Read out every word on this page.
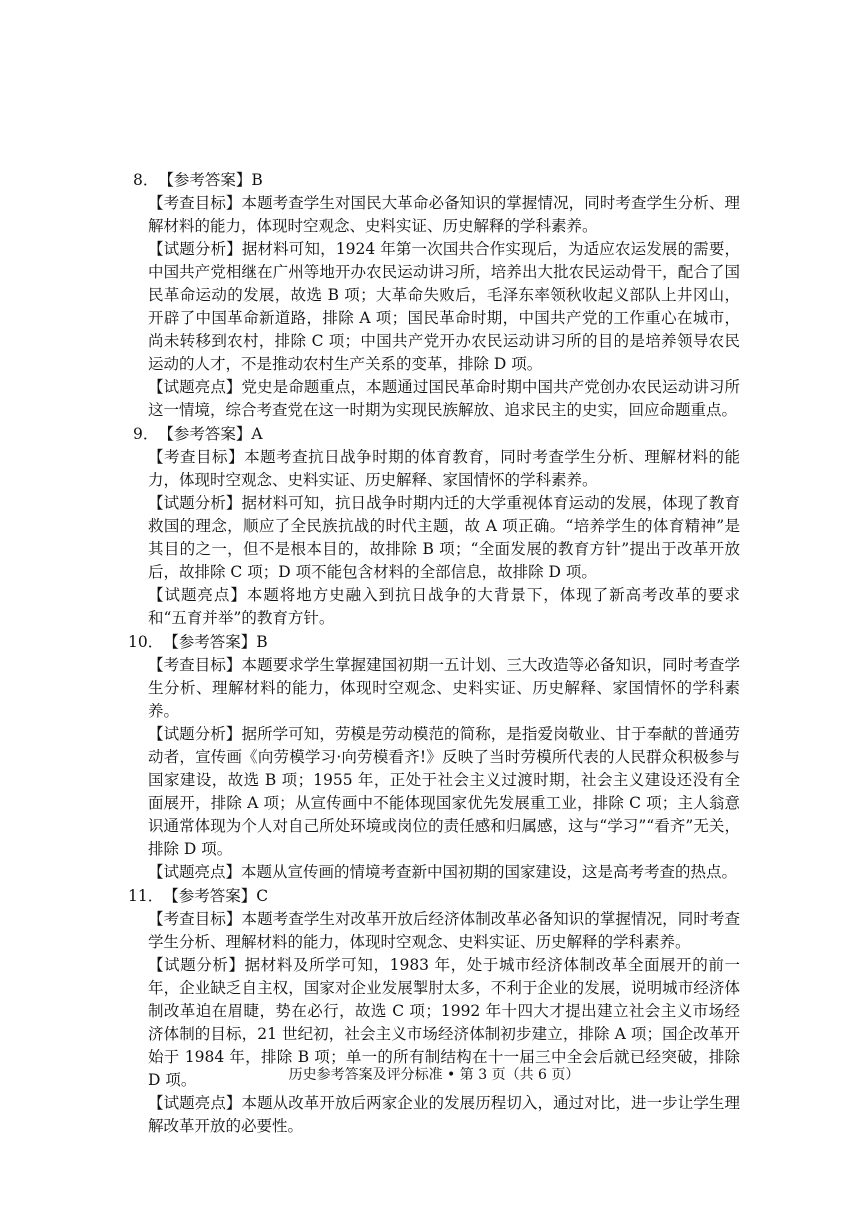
8．【参考答案】B
【考查目标】本题考查学生对国民大革命必备知识的掌握情况，同时考查学生分析、理解材料的能力，体现时空观念、史料实证、历史解释的学科素养。
【试题分析】据材料可知，1924 年第一次国共合作实现后，为适应农运发展的需要，中国共产党相继在广州等地开办农民运动讲习所，培养出大批农民运动骨干，配合了国民革命运动的发展，故选 B 项；大革命失败后，毛泽东率领秋收起义部队上井冈山，开辟了中国革命新道路，排除 A 项；国民革命时期，中国共产党的工作重心在城市，尚未转移到农村，排除 C 项；中国共产党开办农民运动讲习所的目的是培养领导农民运动的人才，不是推动农村生产关系的变革，排除 D 项。
【试题亮点】党史是命题重点，本题通过国民革命时期中国共产党创办农民运动讲习所这一情境，综合考查党在这一时期为实现民族解放、追求民主的史实，回应命题重点。
9．【参考答案】A
【考查目标】本题考查抗日战争时期的体育教育，同时考查学生分析、理解材料的能力，体现时空观念、史料实证、历史解释、家国情怀的学科素养。
【试题分析】据材料可知，抗日战争时期内迁的大学重视体育运动的发展，体现了教育救国的理念，顺应了全民族抗战的时代主题，故 A 项正确。“培养学生的体育精神”是其目的之一，但不是根本目的，故排除 B 项；“全面发展的教育方针”提出于改革开放后，故排除 C 项；D 项不能包含材料的全部信息，故排除 D 项。
【试题亮点】本题将地方史融入到抗日战争的大背景下，体现了新高考改革的要求和“五育并举”的教育方针。
10．【参考答案】B
【考查目标】本题要求学生掌握建国初期一五计划、三大改造等必备知识，同时考查学生分析、理解材料的能力，体现时空观念、史料实证、历史解释、家国情怀的学科素养。
【试题分析】据所学可知，劳模是劳动模范的简称，是指爱岗敬业、甘于奉献的普通劳动者，宣传画《向劳模学习·向劳模看齐!》反映了当时劳模所代表的人民群众积极参与国家建设，故选 B 项；1955 年，正处于社会主义过渡时期，社会主义建设还没有全面展开，排除 A 项；从宣传画中不能体现国家优先发展重工业，排除 C 项；主人翁意识通常体现为个人对自己所处环境或岗位的责任感和归属感，这与“学习”“看齐”无关，排除 D 项。
【试题亮点】本题从宣传画的情境考查新中国初期的国家建设，这是高考考查的热点。
11．【参考答案】C
【考查目标】本题考查学生对改革开放后经济体制改革必备知识的掌握情况，同时考查学生分析、理解材料的能力，体现时空观念、史料实证、历史解释的学科素养。
【试题分析】据材料及所学可知，1983 年，处于城市经济体制改革全面展开的前一年，企业缺乏自主权，国家对企业发展掣肘太多，不利于企业的发展，说明城市经济体制改革迫在眉睫，势在必行，故选 C 项；1992 年十四大才提出建立社会主义市场经济体制的目标，21 世纪初，社会主义市场经济体制初步建立，排除 A 项；国企改革开始于 1984 年，排除 B 项；单一的所有制结构在十一届三中全会后就已经突破，排除 D 项。
【试题亮点】本题从改革开放后两家企业的发展历程切入，通过对比，进一步让学生理解改革开放的必要性。
历史参考答案及评分标准 • 第 3 页（共 6 页）
